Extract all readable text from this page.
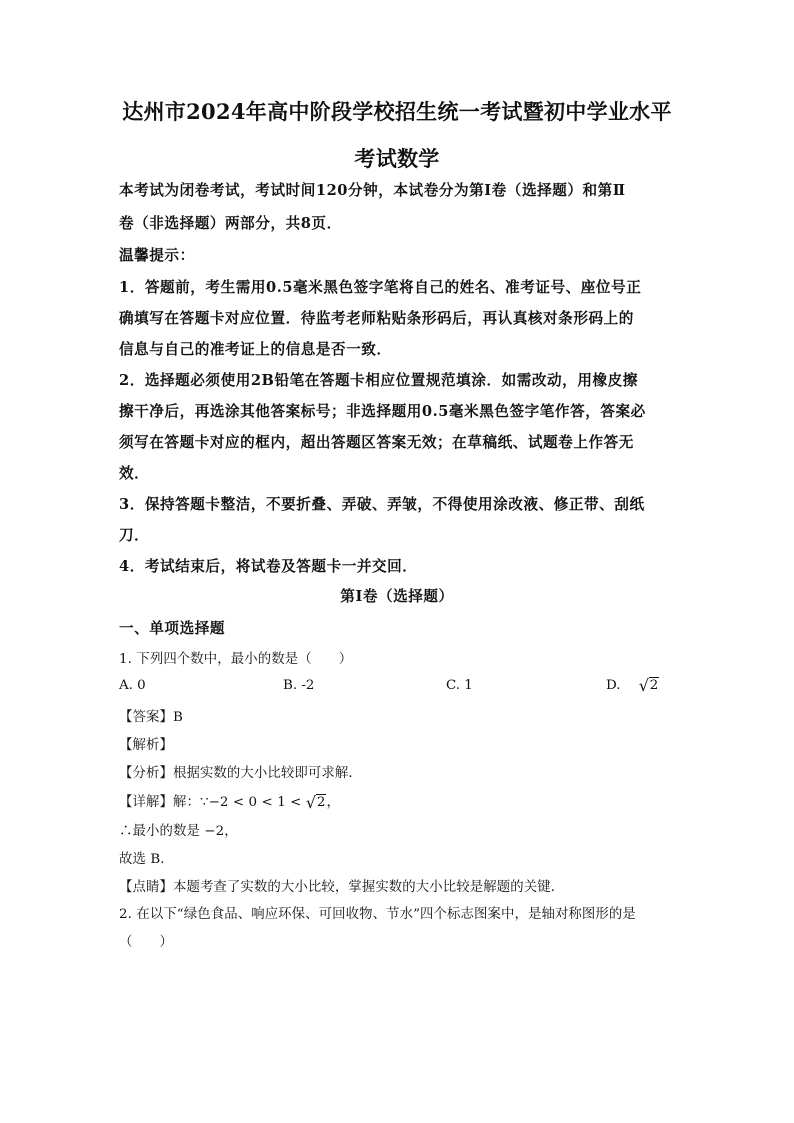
达州市2024年高中阶段学校招生统一考试暨初中学业水平
考试数学

本考试为闭卷考试，考试时间120分钟，本试卷分为第Ⅰ卷（选择题）和第Ⅱ

卷（非选择题）两部分，共8页．

温馨提示：

1．答题前，考生需用0.5毫米黑色签字笔将自己的姓名、准考证号、座位号正

确填写在答题卡对应位置．待监考老师粘贴条形码后，再认真核对条形码上的

信息与自己的准考证上的信息是否一致．

2．选择题必须使用2B铅笔在答题卡相应位置规范填涂．如需改动，用橡皮擦

擦干净后，再选涂其他答案标号；非选择题用0.5毫米黑色签字笔作答，答案必

须写在答题卡对应的框内，超出答题区答案无效；在草稿纸、试题卷上作答无

效．

3．保持答题卡整洁，不要折叠、弄破、弄皱，不得使用涂改液、修正带、刮纸

刀．

4．考试结束后，将试卷及答题卡一并交回．

第Ⅰ卷（选择题）

一、单项选择题

1. 下列四个数中，最小的数是（　　）

A. 0	B. -2	C. 1	D. √ 2

【答案】B

【解析】

【分析】根据实数的大小比较即可求解．

【详解】解：∵−2 < 0 < 1 < √ 2，

∴最小的数是 −2，

故选 B．

【点睛】本题考查了实数的大小比较，掌握实数的大小比较是解题的关键．

2. 在以下“绿色食品、响应环保、可回收物、节水”四个标志图案中，是轴对称图形的是

（　　）
